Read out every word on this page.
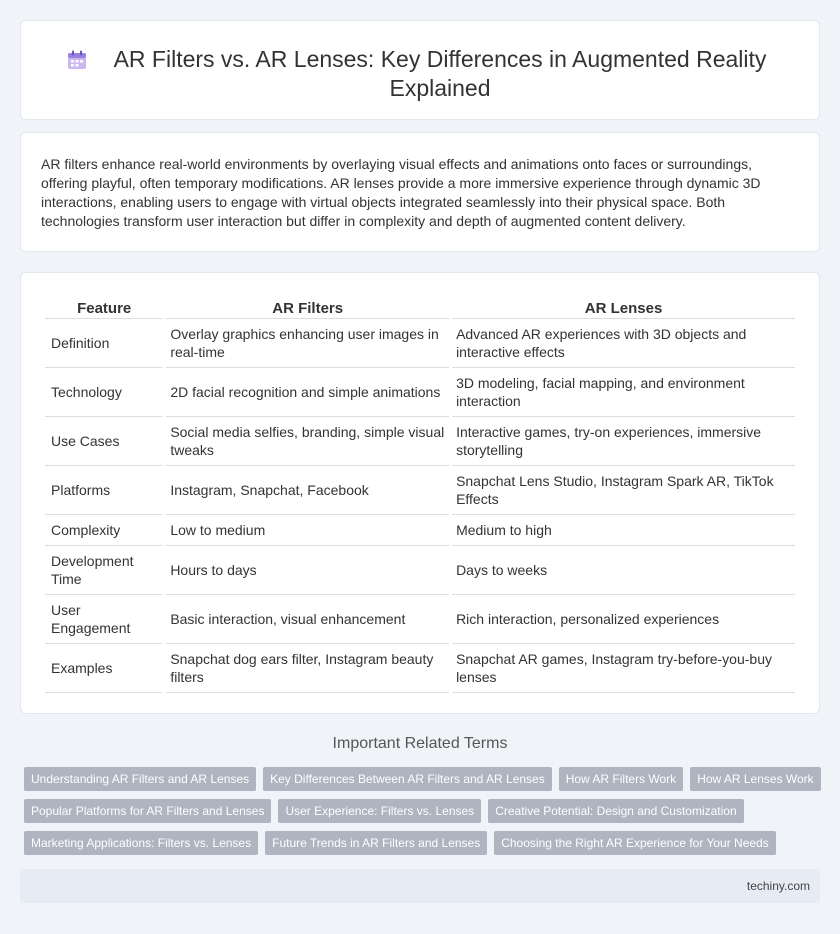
AR Filters vs. AR Lenses: Key Differences in Augmented Reality Explained

AR filters enhance real-world environments by overlaying visual effects and animations onto faces or surroundings, offering playful, often temporary modifications. AR lenses provide a more immersive experience through dynamic 3D interactions, enabling users to engage with virtual objects integrated seamlessly into their physical space. Both technologies transform user interaction but differ in complexity and depth of augmented content delivery.

Feature	AR Filters	AR Lenses
Definition	Overlay graphics enhancing user images in real-time	Advanced AR experiences with 3D objects and interactive effects
Technology	2D facial recognition and simple animations	3D modeling, facial mapping, and environment interaction
Use Cases	Social media selfies, branding, simple visual tweaks	Interactive games, try-on experiences, immersive storytelling
Platforms	Instagram, Snapchat, Facebook	Snapchat Lens Studio, Instagram Spark AR, TikTok Effects
Complexity	Low to medium	Medium to high
Development Time	Hours to days	Days to weeks
User Engagement	Basic interaction, visual enhancement	Rich interaction, personalized experiences
Examples	Snapchat dog ears filter, Instagram beauty filters	Snapchat AR games, Instagram try-before-you-buy lenses
Important Related Terms
Understanding AR Filters and AR Lenses	Key Differences Between AR Filters and AR Lenses	How AR Filters Work	How AR Lenses Work
Popular Platforms for AR Filters and Lenses	User Experience: Filters vs. Lenses	Creative Potential: Design and Customization
Marketing Applications: Filters vs. Lenses	Future Trends in AR Filters and Lenses	Choosing the Right AR Experience for Your Needs
techiny.com
